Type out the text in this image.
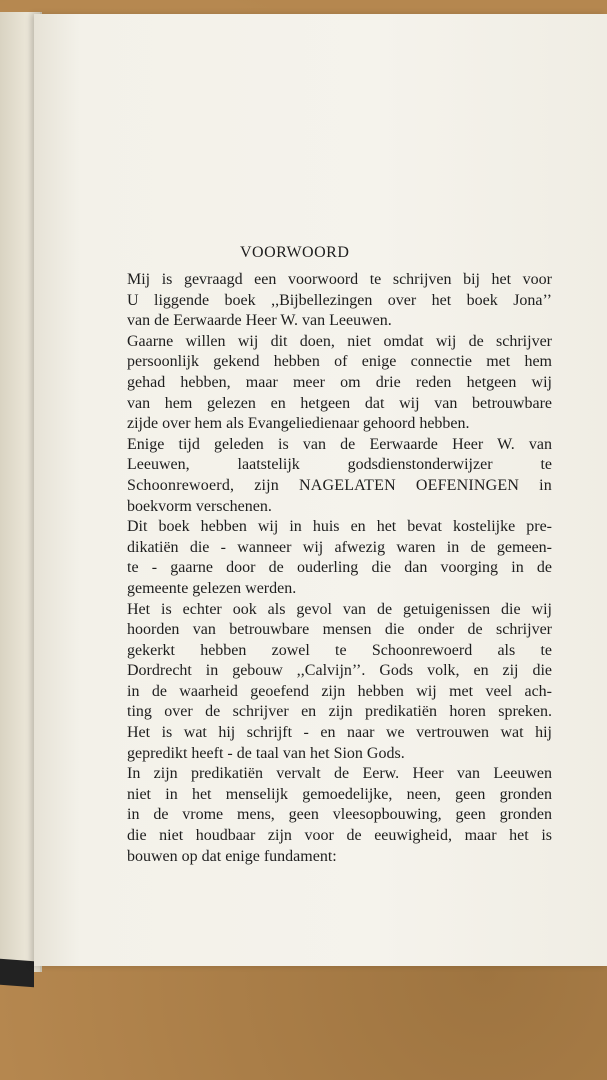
VOORWOORD

Mij is gevraagd een voorwoord te schrijven bij het voor
U liggende boek ,,Bijbellezingen over het boek Jona’’
van de Eerwaarde Heer W. van Leeuwen.

Gaarne willen wij dit doen, niet omdat wij de schrijver
persoonlijk gekend hebben of enige connectie met hem
gehad hebben, maar meer om drie reden hetgeen wij
van hem gelezen en hetgeen dat wij van betrouwbare
zijde over hem als Evangeliedienaar gehoord hebben.

Enige tijd geleden is van de Eerwaarde Heer W. van
Leeuwen, laatstelijk godsdienstonderwijzer te
Schoonrewoerd, zijn NAGELATEN OEFENINGEN in
boekvorm verschenen.

Dit boek hebben wij in huis en het bevat kostelijke pre-
dikatiën die - wanneer wij afwezig waren in de gemeen-
te - gaarne door de ouderling die dan voorging in de
gemeente gelezen werden.

Het is echter ook als gevol van de getuigenissen die wij
hoorden van betrouwbare mensen die onder de schrijver
gekerkt hebben zowel te Schoonrewoerd als te
Dordrecht in gebouw ,,Calvijn’’. Gods volk, en zij die
in de waarheid geoefend zijn hebben wij met veel ach-
ting over de schrijver en zijn predikatiën horen spreken.
Het is wat hij schrijft - en naar we vertrouwen wat hij
gepredikt heeft - de taal van het Sion Gods.

In zijn predikatiën vervalt de Eerw. Heer van Leeuwen
niet in het menselijk gemoedelijke, neen, geen gronden
in de vrome mens, geen vleesopbouwing, geen gronden
die niet houdbaar zijn voor de eeuwigheid, maar het is
bouwen op dat enige fundament:
